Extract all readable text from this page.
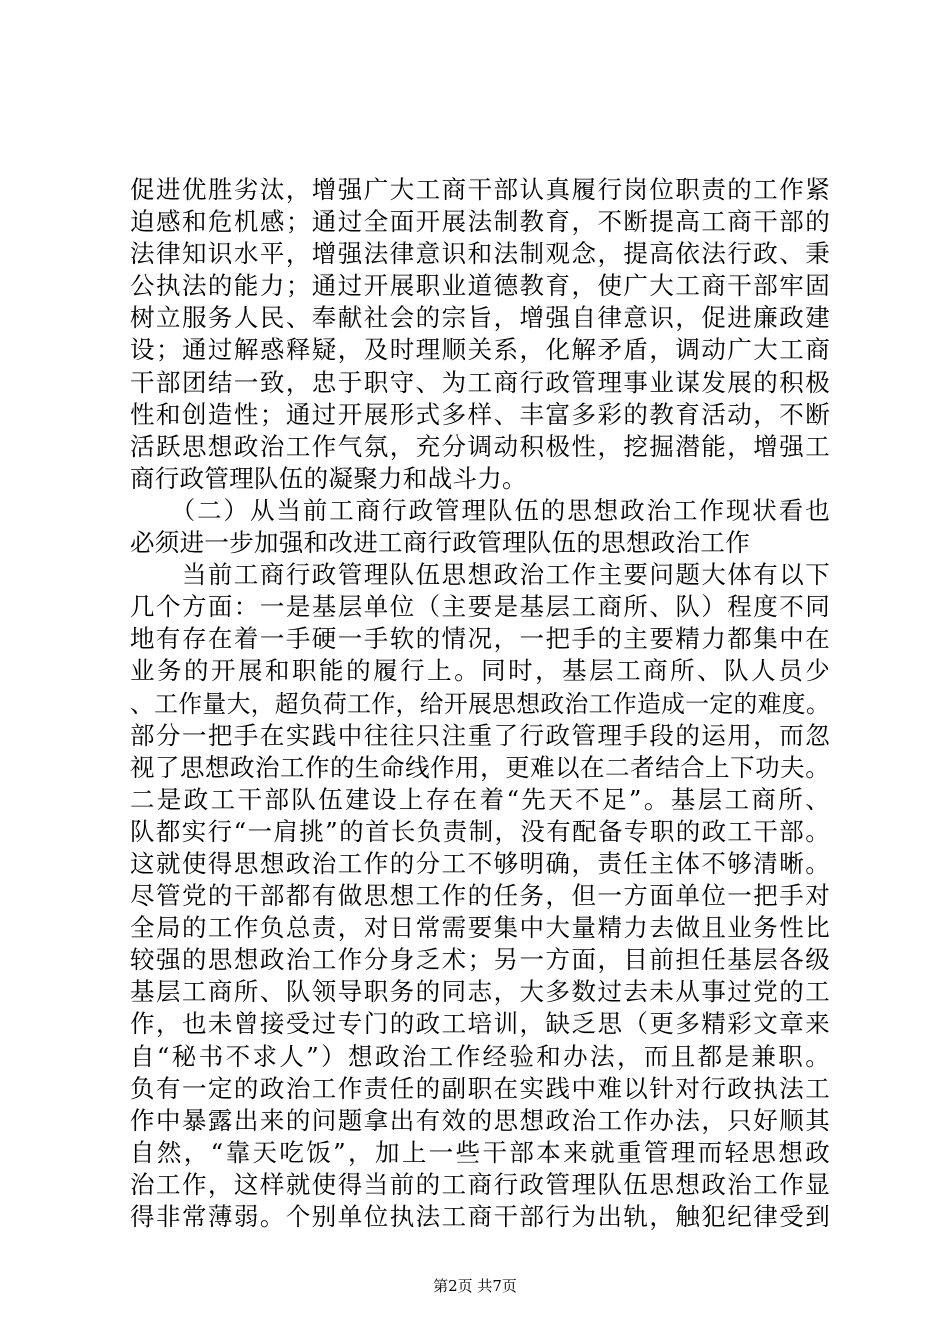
促进优胜劣汰，增强广大工商干部认真履行岗位职责的工作紧
迫感和危机感；通过全面开展法制教育，不断提高工商干部的
法律知识水平，增强法律意识和法制观念，提高依法行政、秉
公执法的能力；通过开展职业道德教育，使广大工商干部牢固
树立服务人民、奉献社会的宗旨，增强自律意识，促进廉政建
设；通过解惑释疑，及时理顺关系，化解矛盾，调动广大工商
干部团结一致，忠于职守、为工商行政管理事业谋发展的积极
性和创造性；通过开展形式多样、丰富多彩的教育活动，不断
活跃思想政治工作气氛，充分调动积极性，挖掘潜能，增强工
商行政管理队伍的凝聚力和战斗力。
　　（二）从当前工商行政管理队伍的思想政治工作现状看也
必须进一步加强和改进工商行政管理队伍的思想政治工作
　　当前工商行政管理队伍思想政治工作主要问题大体有以下
几个方面：一是基层单位（主要是基层工商所、队）程度不同
地有存在着一手硬一手软的情况，一把手的主要精力都集中在
业务的开展和职能的履行上。同时，基层工商所、队人员少
、工作量大，超负荷工作，给开展思想政治工作造成一定的难度。
部分一把手在实践中往往只注重了行政管理手段的运用，而忽
视了思想政治工作的生命线作用，更难以在二者结合上下功夫。
二是政工干部队伍建设上存在着“先天不足”。基层工商所、
队都实行“一肩挑”的首长负责制，没有配备专职的政工干部。
这就使得思想政治工作的分工不够明确，责任主体不够清晰。
尽管党的干部都有做思想工作的任务，但一方面单位一把手对
全局的工作负总责，对日常需要集中大量精力去做且业务性比
较强的思想政治工作分身乏术；另一方面，目前担任基层各级
基层工商所、队领导职务的同志，大多数过去未从事过党的工
作，也未曾接受过专门的政工培训，缺乏思（更多精彩文章来
自“秘书不求人”）想政治工作经验和办法，而且都是兼职。
负有一定的政治工作责任的副职在实践中难以针对行政执法工
作中暴露出来的问题拿出有效的思想政治工作办法，只好顺其
自然，“靠天吃饭”，加上一些干部本来就重管理而轻思想政
治工作，这样就使得当前的工商行政管理队伍思想政治工作显
得非常薄弱。个别单位执法工商干部行为出轨，触犯纪律受到
第2页 共7页
